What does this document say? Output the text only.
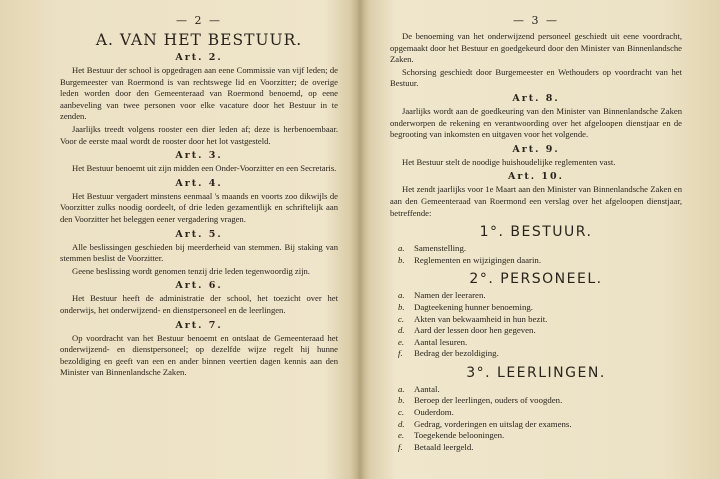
— 2 —
A. VAN HET BESTUUR.
Art. 2.

Het Bestuur der school is opgedragen aan eene Commissie van vijf leden; de Burgemeester van Roermond is van rechtswege lid en Voorzitter; de overige leden worden door den Gemeenteraad van Roermond benoemd, op eene aanbeveling van twee personen voor elke vacature door het Bestuur in te zenden.

Jaarlijks treedt volgens rooster een dier leden af; deze is herbenoembaar. Voor de eerste maal wordt de rooster door het lot vastgesteld.

Art. 3.

Het Bestuur benoemt uit zijn midden een Onder-Voorzitter en een Secretaris.

Art. 4.

Het Bestuur vergadert minstens eenmaal 's maands en voorts zoo dikwijls de Voorzitter zulks noodig oordeelt, of drie leden gezamentlijk en schriftelijk aan den Voorzitter het beleggen eener vergadering vragen.

Art. 5.

Alle beslissingen geschieden bij meerderheid van stemmen. Bij staking van stemmen beslist de Voorzitter.

Geene beslissing wordt genomen tenzij drie leden tegenwoordig zijn.

Art. 6.

Het Bestuur heeft de administratie der school, het toezicht over het onderwijs, het onderwijzend- en dienstpersoneel en de leerlingen.

Art. 7.

Op voordracht van het Bestuur benoemt en ontslaat de Gemeenteraad het onderwijzend- en dienstpersoneel; op dezelfde wijze regelt hij hunne bezoldiging en geeft van een en ander binnen veertien dagen kennis aan den Minister van Binnenlandsche Zaken.

— 3 —

De benoeming van het onderwijzend personeel geschiedt uit eene voordracht, opgemaakt door het Bestuur en goedgekeurd door den Minister van Binnenlandsche Zaken.

Schorsing geschiedt door Burgemeester en Wethouders op voordracht van het Bestuur.

Art. 8.

Jaarlijks wordt aan de goedkeuring van den Minister van Binnenlandsche Zaken onderworpen de rekening en verantwoording over het afgeloopen dienstjaar en de begrooting van inkomsten en uitgaven voor het volgende.

Art. 9.

Het Bestuur stelt de noodige huishoudelijke reglementen vast.

Art. 10.

Het zendt jaarlijks voor 1e Maart aan den Minister van Binnenlandsche Zaken en aan den Gemeenteraad van Roermond een verslag over het afgeloopen dienstjaar, betreffende:

1°. BESTUUR.
a. Samenstelling.
b. Reglementen en wijzigingen daarin.
2°. PERSONEEL.
a. Namen der leeraren.
b. Dagteekening hunner benoeming.
c. Akten van bekwaamheid in hun bezit.
d. Aard der lessen door hen gegeven.
e. Aantal lesuren.
f. Bedrag der bezoldiging.
3°. LEERLINGEN.
a. Aantal.
b. Beroep der leerlingen, ouders of voogden.
c. Ouderdom.
d. Gedrag, vorderingen en uitslag der examens.
e. Toegekende belooningen.
f. Betaald leergeld.
